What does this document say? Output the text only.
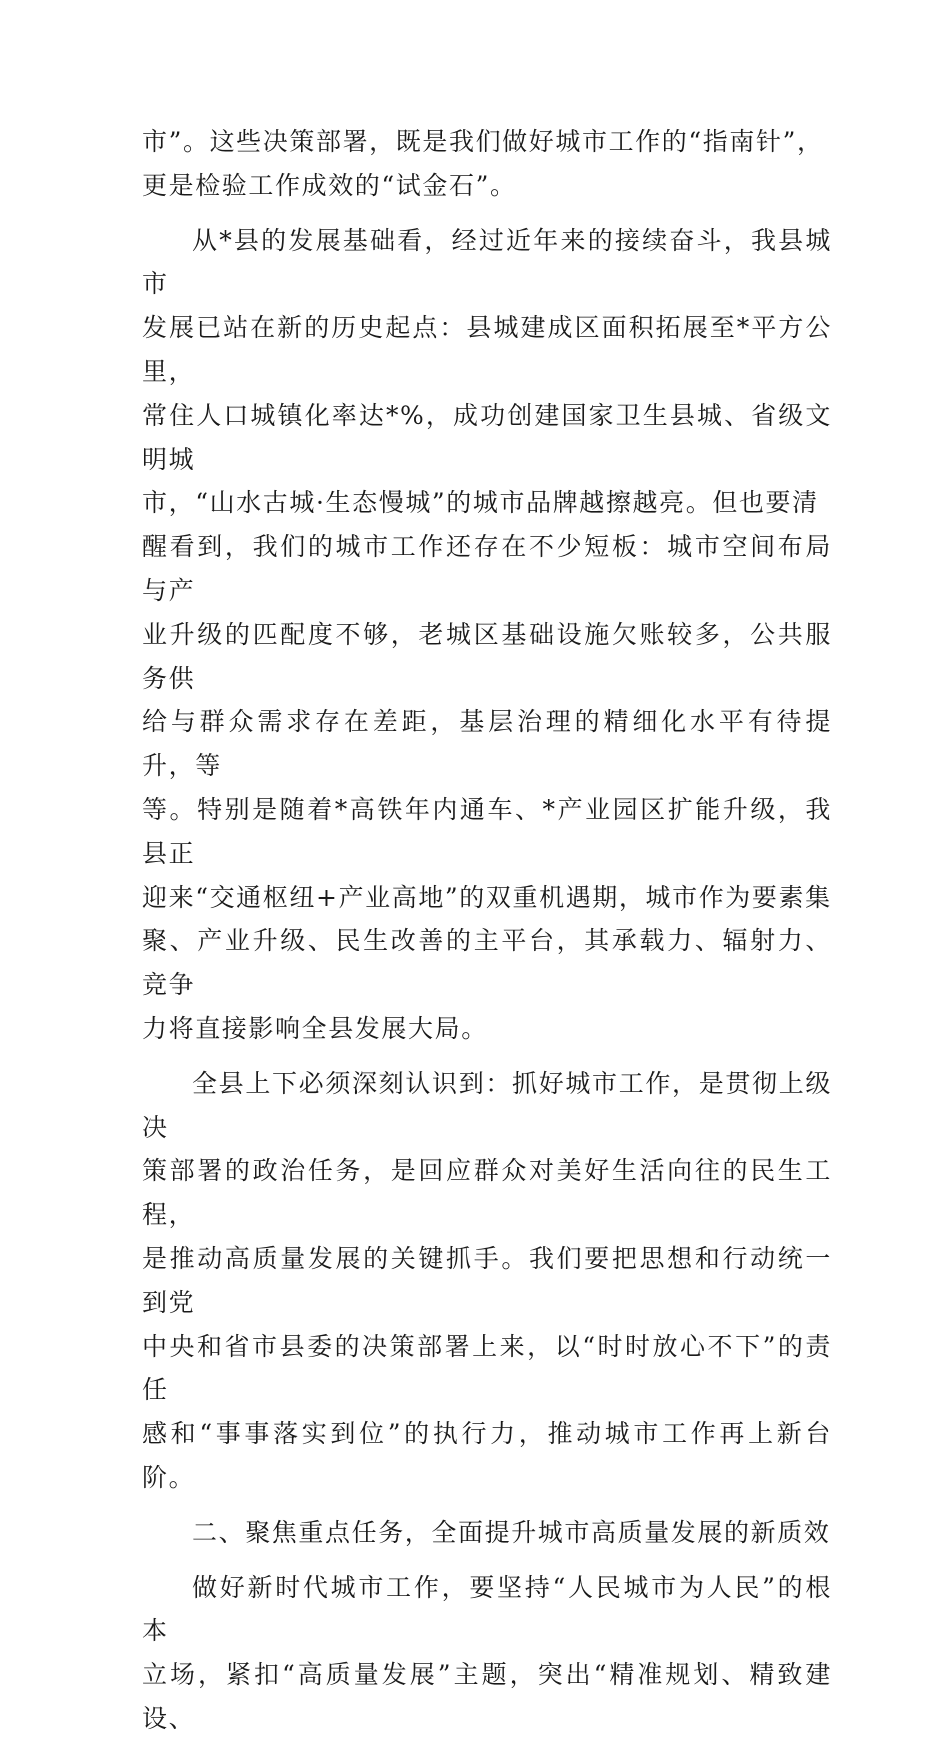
市”。这些决策部署，既是我们做好城市工作的“指南针”，
更是检验工作成效的“试金石”。

从*县的发展基础看，经过近年来的接续奋斗，我县城市
发展已站在新的历史起点：县城建成区面积拓展至*平方公里，
常住人口城镇化率达*%，成功创建国家卫生县城、省级文明城
市，“山水古城·生态慢城”的城市品牌越擦越亮。但也要清
醒看到，我们的城市工作还存在不少短板：城市空间布局与产
业升级的匹配度不够，老城区基础设施欠账较多，公共服务供
给与群众需求存在差距，基层治理的精细化水平有待提升，等
等。特别是随着*高铁年内通车、*产业园区扩能升级，我县正
迎来“交通枢纽+产业高地”的双重机遇期，城市作为要素集
聚、产业升级、民生改善的主平台，其承载力、辐射力、竞争
力将直接影响全县发展大局。

全县上下必须深刻认识到：抓好城市工作，是贯彻上级决
策部署的政治任务，是回应群众对美好生活向往的民生工程，
是推动高质量发展的关键抓手。我们要把思想和行动统一到党
中央和省市县委的决策部署上来，以“时时放心不下”的责任
感和“事事落实到位”的执行力，推动城市工作再上新台阶。

二、聚焦重点任务，全面提升城市高质量发展的新质效

做好新时代城市工作，要坚持“人民城市为人民”的根本
立场，紧扣“高质量发展”主题，突出“精准规划、精致建设、
